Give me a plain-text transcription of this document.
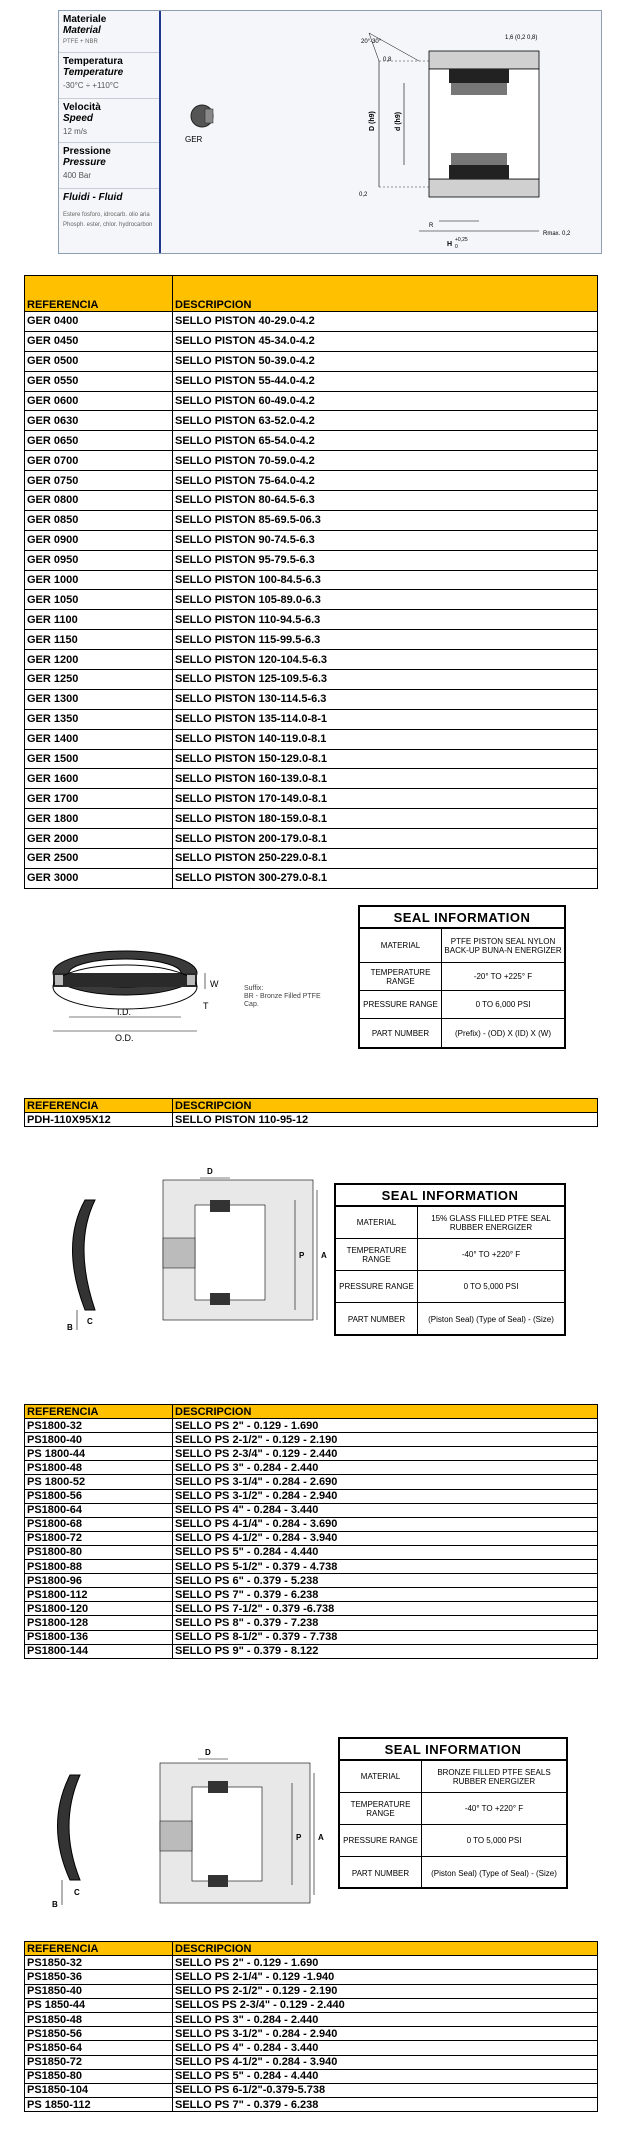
Materiale
Material
PTFE + NBR
Temperatura
Temperature
-30°C ÷ +110°C
Velocità
Speed
12 m/s
Pressione
Pressure
400 Bar
Fluidi - Fluid
Estere fosforo, idrocarb. olio aria
Phosph. ester, chlor. hydrocarbon
GER
20°-30°
1,6 (0,2 0,8)
0,8
0,2
D (h9)	d (h9)
R
Rmax. 0,2
H
+0,25
0
REFERENCIA	DESCRIPCION
GER 0400	SELLO PISTON 40-29.0-4.2
GER 0450	SELLO PISTON 45-34.0-4.2
GER 0500	SELLO PISTON 50-39.0-4.2
GER 0550	SELLO PISTON 55-44.0-4.2
GER 0600	SELLO PISTON 60-49.0-4.2
GER 0630	SELLO PISTON 63-52.0-4.2
GER 0650	SELLO PISTON 65-54.0-4.2
GER 0700	SELLO PISTON 70-59.0-4.2
GER 0750	SELLO PISTON 75-64.0-4.2
GER 0800	SELLO PISTON 80-64.5-6.3
GER 0850	SELLO PISTON 85-69.5-06.3
GER 0900	SELLO PISTON 90-74.5-6.3
GER 0950	SELLO PISTON 95-79.5-6.3
GER 1000	SELLO PISTON 100-84.5-6.3
GER 1050	SELLO PISTON 105-89.0-6.3
GER 1100	SELLO PISTON 110-94.5-6.3
GER 1150	SELLO PISTON 115-99.5-6.3
GER 1200	SELLO PISTON 120-104.5-6.3
GER 1250	SELLO PISTON 125-109.5-6.3
GER 1300	SELLO PISTON 130-114.5-6.3
GER 1350	SELLO PISTON 135-114.0-8-1
GER 1400	SELLO PISTON 140-119.0-8.1
GER 1500	SELLO PISTON 150-129.0-8.1
GER 1600	SELLO PISTON 160-139.0-8.1
GER 1700	SELLO PISTON 170-149.0-8.1
GER 1800	SELLO PISTON 180-159.0-8.1
GER 2000	SELLO PISTON 200-179.0-8.1
GER 2500	SELLO PISTON 250-229.0-8.1
GER 3000	SELLO PISTON 300-279.0-8.1
I.D.
O.D.
W
T
Suffix:
BR - Bronze Filled PTFE Cap.
SEAL INFORMATION
MATERIAL	PTFE PISTON SEAL NYLON BACK-UP BUNA-N ENERGIZER
TEMPERATURE RANGE	-20° TO +225° F
PRESSURE RANGE	0 TO 6,000 PSI
PART NUMBER	(Prefix) - (OD) X (ID) X (W)
REFERENCIA	DESCRIPCION
PDH-110X95X12	SELLO PISTON 110-95-12
D
C
B
P A
SEAL INFORMATION
MATERIAL	15% GLASS FILLED PTFE SEAL RUBBER ENERGIZER
TEMPERATURE RANGE	-40° TO +220° F
PRESSURE RANGE	0 TO 5,000 PSI
PART NUMBER	(Piston Seal) (Type of Seal) - (Size)
REFERENCIA	DESCRIPCION
PS1800-32	SELLO PS 2" - 0.129 - 1.690
PS1800-40	SELLO PS 2-1/2" - 0.129 - 2.190
PS 1800-44	SELLO PS 2-3/4" - 0.129 - 2.440
PS1800-48	SELLO PS 3" - 0.284 - 2.440
PS 1800-52	SELLO PS 3-1/4" - 0.284 - 2.690
PS1800-56	SELLO PS 3-1/2" - 0.284 - 2.940
PS1800-64	SELLO PS 4" - 0.284 - 3.440
PS1800-68	SELLO PS 4-1/4" - 0.284 - 3.690
PS1800-72	SELLO PS 4-1/2" - 0.284 - 3.940
PS1800-80	SELLO PS 5" - 0.284 - 4.440
PS1800-88	SELLO PS 5-1/2" - 0.379 - 4.738
PS1800-96	SELLO PS 6" - 0.379 - 5.238
PS1800-112	SELLO PS 7" - 0.379 - 6.238
PS1800-120	SELLO PS 7-1/2" - 0.379 -6.738
PS1800-128	SELLO PS 8" - 0.379 - 7.238
PS1800-136	SELLO PS 8-1/2" - 0.379 - 7.738
PS1800-144	SELLO PS 9" - 0.379 - 8.122
D
C
B
P A
SEAL INFORMATION
MATERIAL	BRONZE FILLED PTFE SEALS RUBBER ENERGIZER
TEMPERATURE RANGE	-40° TO +220° F
PRESSURE RANGE	0 TO 5,000 PSI
PART NUMBER	(Piston Seal) (Type of Seal) - (Size)
REFERENCIA	DESCRIPCION
PS1850-32	SELLO PS 2" - 0.129 - 1.690
PS1850-36	SELLO PS 2-1/4" - 0.129 -1.940
PS1850-40	SELLO PS 2-1/2" - 0.129 - 2.190
PS 1850-44	SELLOS PS 2-3/4" - 0.129 - 2.440
PS1850-48	SELLO PS 3" - 0.284 - 2.440
PS1850-56	SELLO PS 3-1/2" - 0.284 - 2.940
PS1850-64	SELLO PS 4" - 0.284 - 3.440
PS1850-72	SELLO PS 4-1/2" - 0.284 - 3.940
PS1850-80	SELLO PS 5" - 0.284 - 4.440
PS1850-104	SELLO PS 6-1/2"-0.379-5.738
PS 1850-112	SELLO PS 7" - 0.379 - 6.238
